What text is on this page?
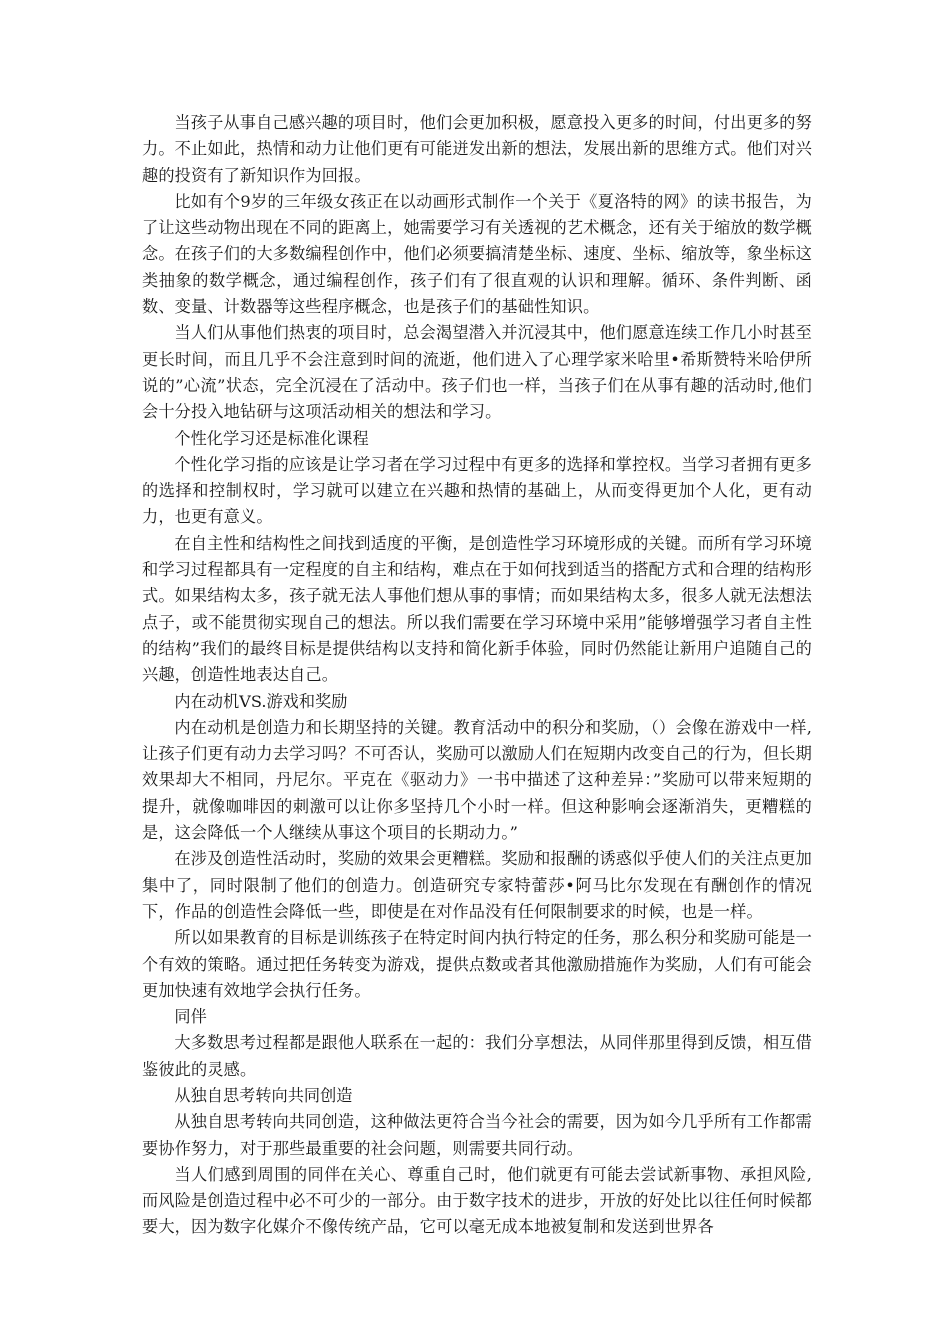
当孩子从事自己感兴趣的项目时，他们会更加积极，愿意投入更多的时间，付出更多的努力。不止如此，热情和动力让他们更有可能迸发出新的想法，发展出新的思维方式。他们对兴趣的投资有了新知识作为回报。

比如有个9岁的三年级女孩正在以动画形式制作一个关于《夏洛特的网》的读书报告，为了让这些动物出现在不同的距离上，她需要学习有关透视的艺术概念，还有关于缩放的数学概念。在孩子们的大多数编程创作中，他们必须要搞清楚坐标、速度、坐标、缩放等，象坐标这类抽象的数学概念，通过编程创作，孩子们有了很直观的认识和理解。循环、条件判断、函数、变量、计数器等这些程序概念，也是孩子们的基础性知识。

当人们从事他们热衷的项目时，总会渴望潜入并沉浸其中，他们愿意连续工作几小时甚至更长时间，而且几乎不会注意到时间的流逝，他们进入了心理学家米哈里•希斯赞特米哈伊所说的”心流”状态，完全沉浸在了活动中。孩子们也一样，当孩子们在从事有趣的活动时,他们会十分投入地钻研与这项活动相关的想法和学习。

个性化学习还是标准化课程

个性化学习指的应该是让学习者在学习过程中有更多的选择和掌控权。当学习者拥有更多的选择和控制权时，学习就可以建立在兴趣和热情的基础上，从而变得更加个人化，更有动力，也更有意义。

在自主性和结构性之间找到适度的平衡，是创造性学习环境形成的关键。而所有学习环境和学习过程都具有一定程度的自主和结构，难点在于如何找到适当的搭配方式和合理的结构形式。如果结构太多，孩子就无法人事他们想从事的事情；而如果结构太多，很多人就无法想法点子，或不能贯彻实现自己的想法。所以我们需要在学习环境中采用”能够增强学习者自主性的结构”我们的最终目标是提供结构以支持和简化新手体验，同时仍然能让新用户追随自己的兴趣，创造性地表达自己。

内在动机VS.游戏和奖励

内在动机是创造力和长期坚持的关键。教育活动中的积分和奖励，（）会像在游戏中一样,让孩子们更有动力去学习吗？不可否认，奖励可以激励人们在短期内改变自己的行为，但长期效果却大不相同，丹尼尔。平克在《驱动力》一书中描述了这种差异：”奖励可以带来短期的提升，就像咖啡因的刺激可以让你多坚持几个小时一样。但这种影响会逐渐消失，更糟糕的是，这会降低一个人继续从事这个项目的长期动力。”

在涉及创造性活动时，奖励的效果会更糟糕。奖励和报酬的诱惑似乎使人们的关注点更加集中了，同时限制了他们的创造力。创造研究专家特蕾莎•阿马比尔发现在有酬创作的情况下，作品的创造性会降低一些，即使是在对作品没有任何限制要求的时候，也是一样。

所以如果教育的目标是训练孩子在特定时间内执行特定的任务，那么积分和奖励可能是一个有效的策略。通过把任务转变为游戏，提供点数或者其他激励措施作为奖励，人们有可能会更加快速有效地学会执行任务。

同伴

大多数思考过程都是跟他人联系在一起的：我们分享想法，从同伴那里得到反馈，相互借鉴彼此的灵感。

从独自思考转向共同创造

从独自思考转向共同创造，这种做法更符合当今社会的需要，因为如今几乎所有工作都需要协作努力，对于那些最重要的社会问题，则需要共同行动。

当人们感到周围的同伴在关心、尊重自己时，他们就更有可能去尝试新事物、承担风险,而风险是创造过程中必不可少的一部分。由于数字技术的进步，开放的好处比以往任何时候都要大，因为数字化媒介不像传统产品，它可以毫无成本地被复制和发送到世界各
